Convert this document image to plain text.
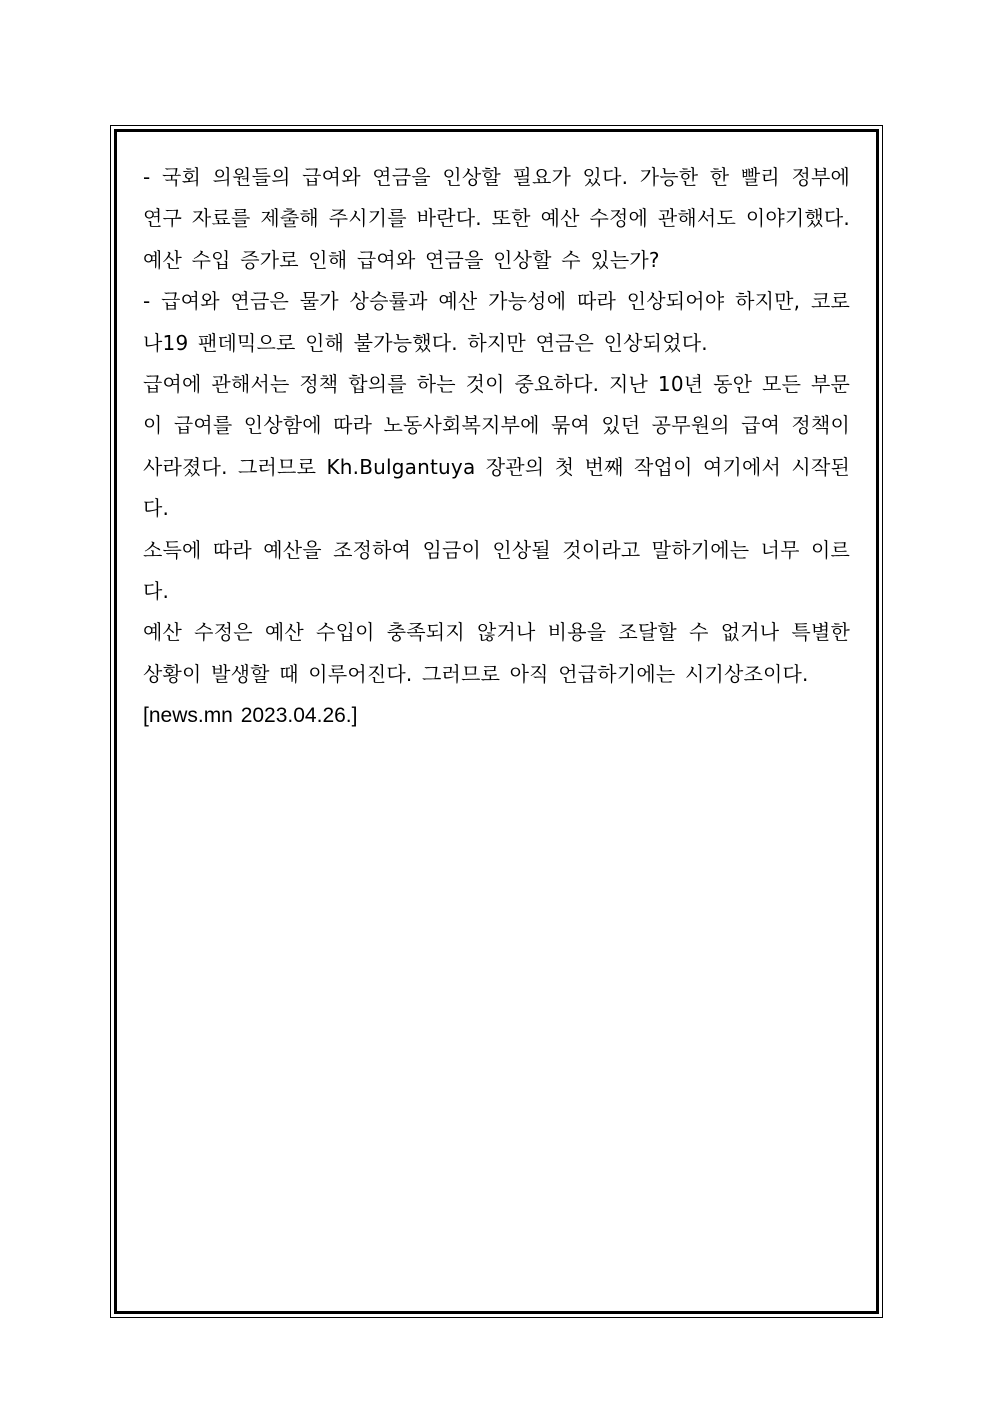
- 국회 의원들의 급여와 연금을 인상할 필요가 있다. 가능한 한 빨리 정부에 연구 자료를 제출해 주시기를 바란다. 또한 예산 수정에 관해서도 이야기했다. 예산 수입 증가로 인해 급여와 연금을 인상할 수 있는가?

- 급여와 연금은 물가 상승률과 예산 가능성에 따라 인상되어야 하지만, 코로나19 팬데믹으로 인해 불가능했다. 하지만 연금은 인상되었다.

급여에 관해서는 정책 합의를 하는 것이 중요하다. 지난 10년 동안 모든 부문이 급여를 인상함에 따라 노동사회복지부에 묶여 있던 공무원의 급여 정책이 사라졌다. 그러므로 Kh.Bulgantuya 장관의 첫 번째 작업이 여기에서 시작된다.

소득에 따라 예산을 조정하여 임금이 인상될 것이라고 말하기에는 너무 이르다.

예산 수정은 예산 수입이 충족되지 않거나 비용을 조달할 수 없거나 특별한 상황이 발생할 때 이루어진다. 그러므로 아직 언급하기에는 시기상조이다.

[news.mn 2023.04.26.]
